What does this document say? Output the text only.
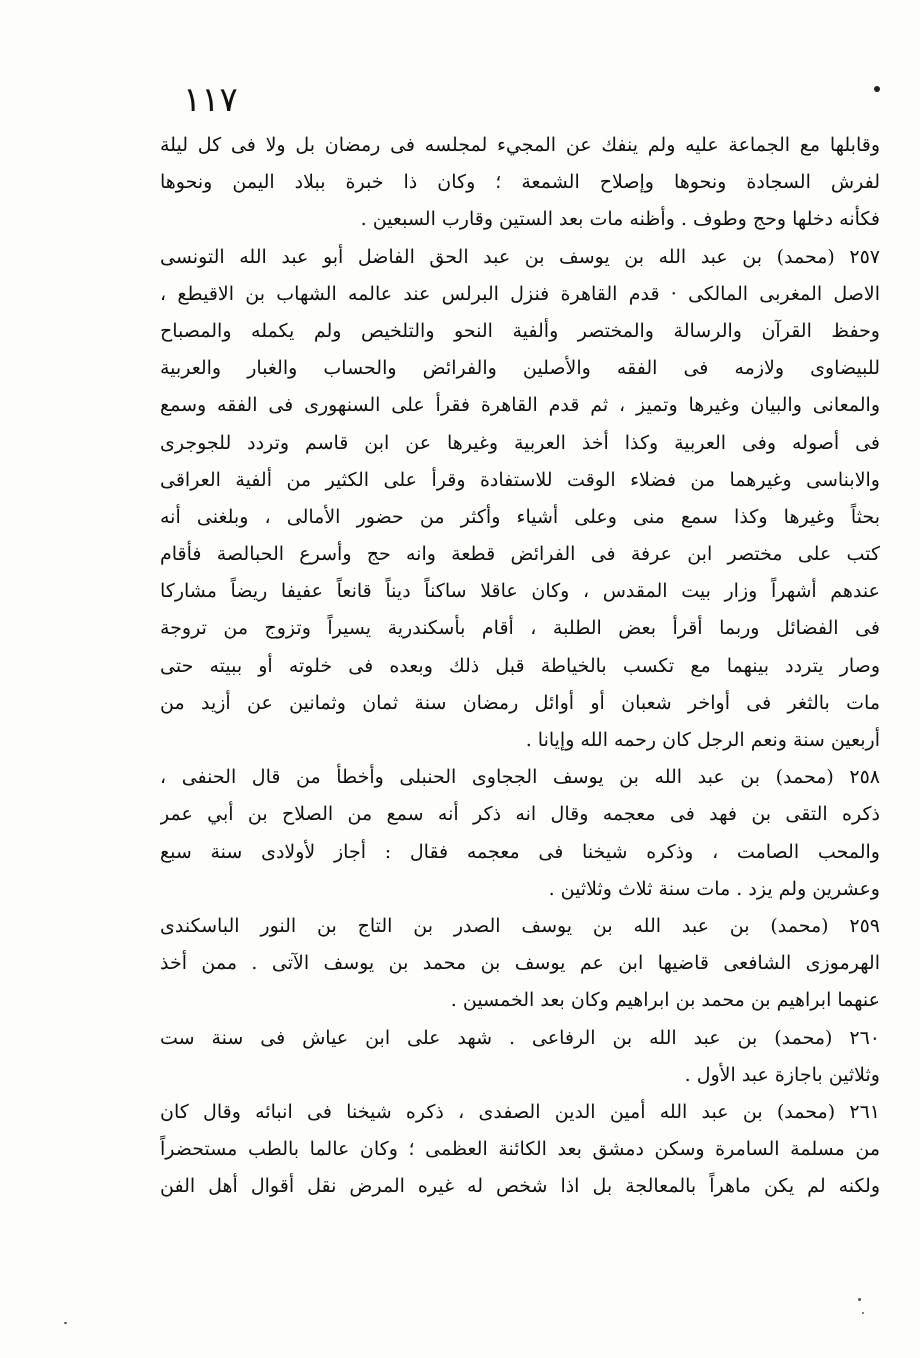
١١٧
وقابلها مع الجماعة عليه ولم ينفك عن المجيء لمجلسه فى رمضان بل ولا فى كل ليلة
لفرش السجادة ونحوها وإصلاح الشمعة ؛ وكان ذا خبرة ببلاد اليمن ونحوها
فكأنه دخلها وحج وطوف . وأظنه مات بعد الستين وقارب السبعين .
٢٥٧ (محمد) بن عبد الله بن يوسف بن عبد الحق الفاضل أبو عبد الله التونسى
الاصل المغربى المالكى · قدم القاهرة فنزل البرلس عند عالمه الشهاب بن الاقيطع ،
وحفظ القرآن والرسالة والمختصر وألفية النحو والتلخيص ولم يكمله والمصباح
للبيضاوى ولازمه فى الفقه والأصلين والفرائض والحساب والغبار والعربية
والمعانى والبيان وغيرها وتميز ، ثم قدم القاهرة فقرأ على السنهورى فى الفقه وسمع
فى أصوله وفى العربية وكذا أخذ العربية وغيرها عن ابن قاسم وتردد للجوجرى
والابناسى وغيرهما من فضلاء الوقت للاستفادة وقرأ على الكثير من ألفية العراقى
بحثاً وغيرها وكذا سمع منى وعلى أشياء وأكثر من حضور الأمالى ، وبلغنى أنه
كتب على مختصر ابن عرفة فى الفرائض قطعة وانه حج وأسرع الحبالصة فأقام
عندهم أشهراً وزار بيت المقدس ، وكان عاقلا ساكناً ديناً قانعاً عفيفا ريضاً مشاركا
فى الفضائل وربما أقرأ بعض الطلبة ، أقام بأسكندرية يسيراً وتزوج من تروجة
وصار يتردد بينهما مع تكسب بالخياطة قبل ذلك وبعده فى خلوته أو ببيته حتى
مات بالثغر فى أواخر شعبان أو أوائل رمضان سنة ثمان وثمانين عن أزيد من
أربعين سنة ونعم الرجل كان رحمه الله وإيانا .
٢٥٨ (محمد) بن عبد الله بن يوسف الججاوى الحنبلى وأخطأ من قال الحنفى ،
ذكره التقى بن فهد فى معجمه وقال انه ذكر أنه سمع من الصلاح بن أبي عمر
والمحب الصامت ، وذكره شيخنا فى معجمه فقال : أجاز لأولادى سنة سبع
وعشرين ولم يزد . مات سنة ثلاث وثلاثين .
٢٥٩ (محمد) بن عبد الله بن يوسف الصدر بن التاج بن النور الباسكندى
الهرموزى الشافعى قاضيها ابن عم يوسف بن محمد بن يوسف الآتى . ممن أخذ
عنهما ابراهيم بن محمد بن ابراهيم وكان بعد الخمسين .
٢٦٠ (محمد) بن عبد الله بن الرفاعى . شهد على ابن عياش فى سنة ست
وثلاثين باجازة عبد الأول .
٢٦١ (محمد) بن عبد الله أمين الدين الصفدى ، ذكره شيخنا فى انبائه وقال كان
من مسلمة السامرة وسكن دمشق بعد الكائنة العظمى ؛ وكان عالما بالطب مستحضراً
ولكنه لم يكن ماهراً بالمعالجة بل اذا شخص له غيره المرض نقل أقوال أهل الفن
